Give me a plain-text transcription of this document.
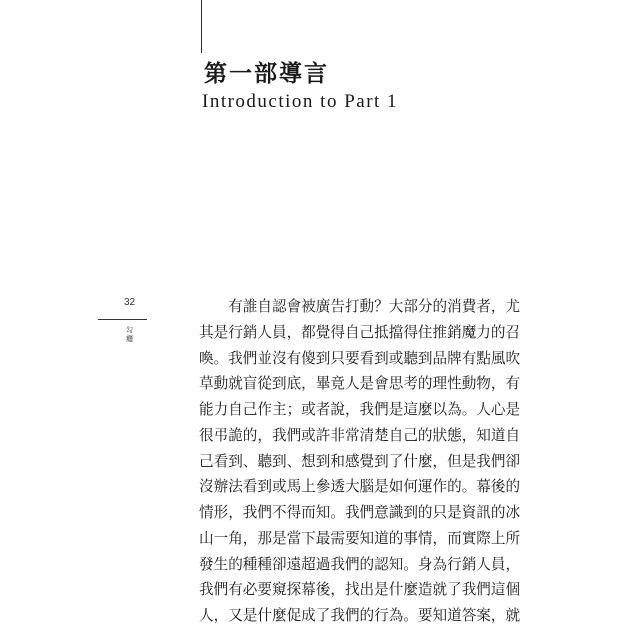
第一部導言
Introduction to Part 1
32
勾癮
　　有誰自認會被廣告打動？大部分的消費者，尤
其是行銷人員，都覺得自己抵擋得住推銷魔力的召
喚。我們並沒有傻到只要看到或聽到品牌有點風吹
草動就盲從到底，畢竟人是會思考的理性動物，有
能力自己作主；或者說，我們是這麼以為。人心是
很弔詭的，我們或許非常清楚自己的狀態，知道自
己看到、聽到、想到和感覺到了什麼，但是我們卻
沒辦法看到或馬上參透大腦是如何運作的。幕後的
情形，我們不得而知。我們意識到的只是資訊的冰
山一角，那是當下最需要知道的事情，而實際上所
發生的種種卻遠超過我們的認知。身為行銷人員，
我們有必要窺探幕後，找出是什麼造就了我們這個
人，又是什麼促成了我們的行為。要知道答案，就
